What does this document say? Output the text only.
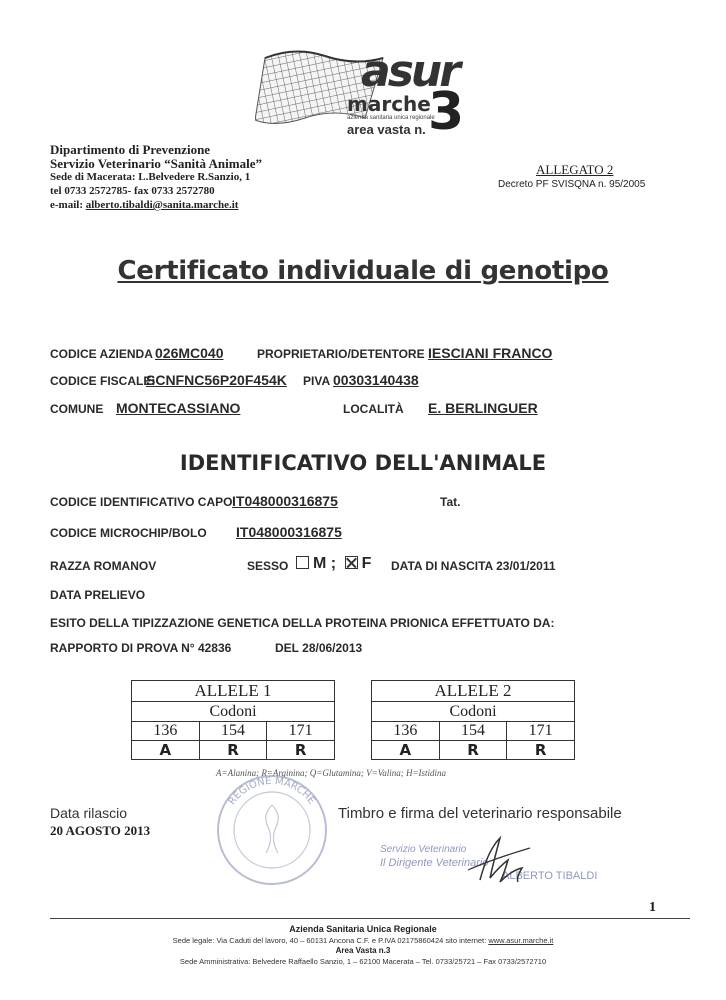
asur
marche
azienda sanitaria unica regionale
area vasta n. 3
Dipartimento di Prevenzione
Servizio Veterinario “Sanità Animale”
Sede di Macerata: L.Belvedere R.Sanzio, 1
tel 0733 2572785- fax 0733 2572780
e-mail: alberto.tibaldi@sanita.marche.it
ALLEGATO 2
Decreto PF SVISQNA n. 95/2005
Certificato individuale di genotipo
CODICE AZIENDA 026MC040	PROPRIETARIO/DETENTORE IESCIANI FRANCO
CODICE FISCALE:
SCNFNC56P20F454K PIVA 00303140438
COMUNE MONTECASSIANO	LOCALITÀ E. BERLINGUER
IDENTIFICATIVO DELL'ANIMALE
CODICE IDENTIFICATIVO CAPO IT048000316875	Tat.
CODICE MICROCHIP/BOLO IT048000316875
RAZZA ROMANOV	SESSO	M ; F DATA DI NASCITA 23/01/2011
DATA PRELIEVO
ESITO DELLA TIPIZZAZIONE GENETICA DELLA PROTEINA PRIONICA EFFETTUATO DA:
RAPPORTO DI PROVA N° 42836	DEL 28/06/2013
ALLELE 1		
Codoni		
136	154	171
A	R	R
ALLELE 2		
Codoni		
136	154	171
A	R	R
A=Alanina; R=Arginina; Q=Glutamina; V=Valina; H=Istidina
REGIONE MARCHE
Servizio Veterinario
Il Dirigente Veterinario
ALBERTO TIBALDI
Data rilascio
20 AGOSTO 2013
Timbro e firma del veterinario responsabile
1
Azienda Sanitaria Unica Regionale
Sede legale: Via Caduti del lavoro, 40 – 60131 Ancona C.F. e P.IVA 02175860424 sito internet: www.asur.marche.it
Area Vasta n.3
Sede Amministrativa: Belvedere Raffaello Sanzio, 1 – 62100 Macerata – Tel. 0733/25721 – Fax 0733/2572710
